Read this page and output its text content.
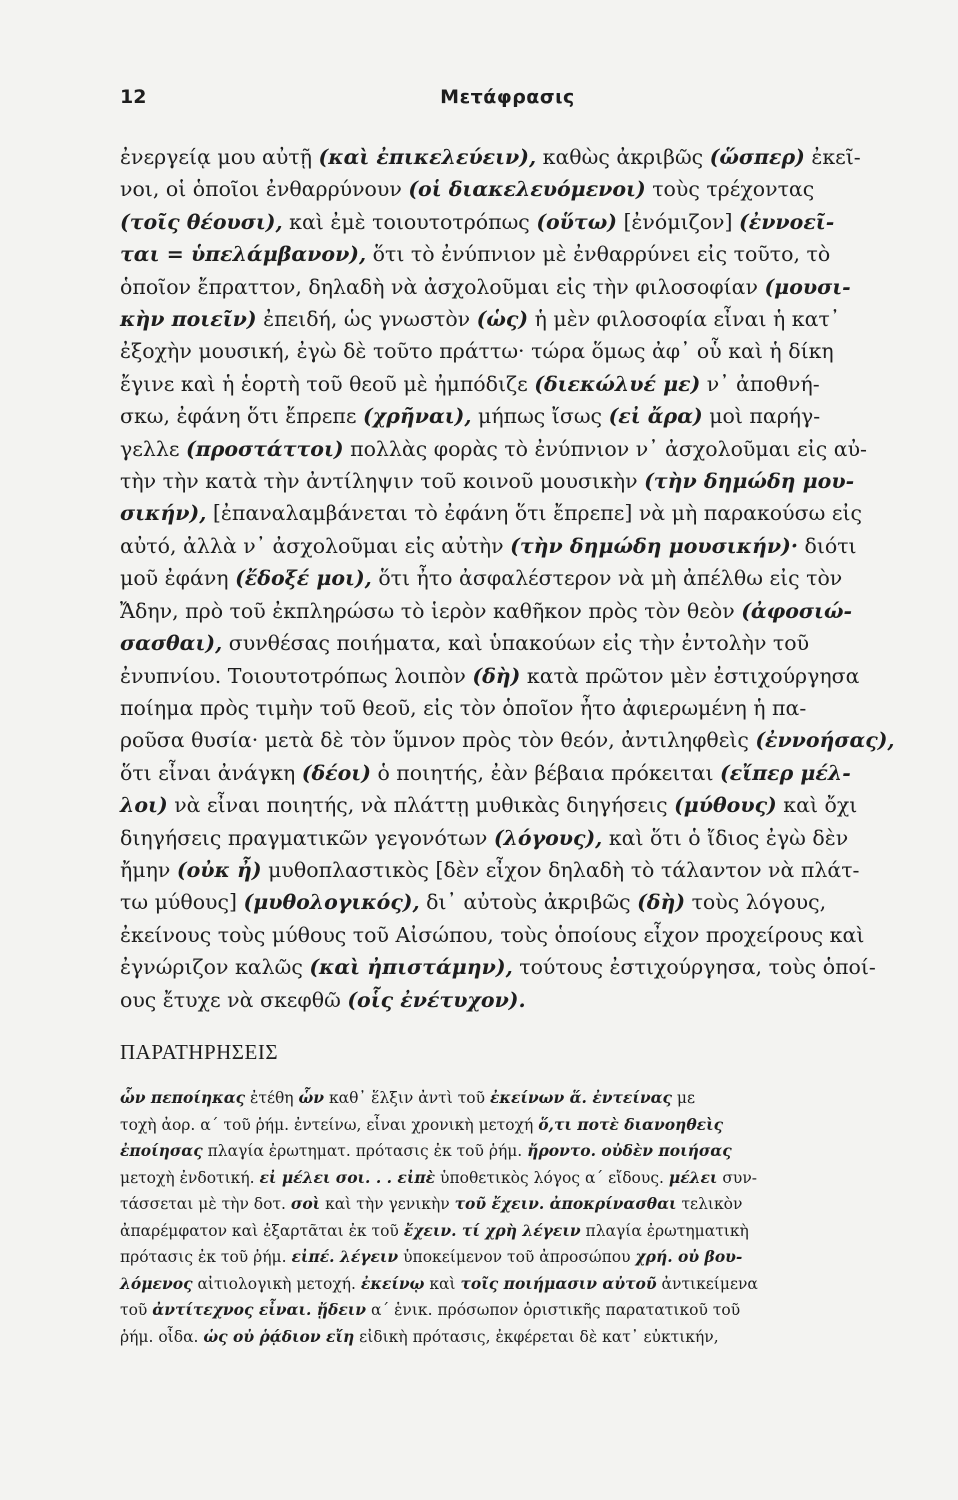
12	Μετάφρασις
ἐνεργείᾳ μου αὐτῇ (καὶ ἐπικελεύειν), καθὼς ἀκριβῶς (ὥσπερ) ἐκεῖ-
νοι, οἱ ὁποῖοι ἐνθαρρύνουν (οἱ διακελευόμενοι) τοὺς τρέχοντας
(τοῖς θέουσι), καὶ ἐμὲ τοιουτοτρόπως (οὕτω) [ἐνόμιζον] (ἐννοεῖ-
ται = ὑπελάμβανον), ὅτι τὸ ἐνύπνιον μὲ ἐνθαρρύνει εἰς τοῦτο, τὸ
ὁποῖον ἔπραττον, δηλαδὴ νὰ ἀσχολοῦμαι εἰς τὴν φιλοσοφίαν (μουσι-
κὴν ποιεῖν) ἐπειδή, ὡς γνωστὸν (ὡς) ἡ μὲν φιλοσοφία εἶναι ἡ κατ᾽
ἐξοχὴν μουσική, ἐγὼ δὲ τοῦτο πράττω· τώρα ὅμως ἀφ᾽ οὗ καὶ ἡ δίκη
ἔγινε καὶ ἡ ἑορτὴ τοῦ θεοῦ μὲ ἠμπόδιζε (διεκώλυέ με) ν᾽ ἀποθνή-
σκω, ἐφάνη ὅτι ἔπρεπε (χρῆναι), μήπως ἴσως (εἰ ἄρα) μοὶ παρήγ-
γελλε (προστάττοι) πολλὰς φορὰς τὸ ἐνύπνιον ν᾽ ἀσχολοῦμαι εἰς αὐ-
τὴν τὴν κατὰ τὴν ἀντίληψιν τοῦ κοινοῦ μουσικὴν (τὴν δημώδη μου-
σικήν), [ἐπαναλαμβάνεται τὸ ἐφάνη ὅτι ἔπρεπε] νὰ μὴ παρακούσω εἰς
αὐτό, ἀλλὰ ν᾽ ἀσχολοῦμαι εἰς αὐτὴν (τὴν δημώδη μουσικήν)· διότι
μοῦ ἐφάνη (ἔδοξέ μοι), ὅτι ἦτο ἀσφαλέστερον νὰ μὴ ἀπέλθω εἰς τὸν
Ἄδην, πρὸ τοῦ ἐκπληρώσω τὸ ἱερὸν καθῆκον πρὸς τὸν θεὸν (ἀφοσιώ-
σασθαι), συνθέσας ποιήματα, καὶ ὑπακούων εἰς τὴν ἐντολὴν τοῦ
ἐνυπνίου. Τοιουτοτρόπως λοιπὸν (δὴ) κατὰ πρῶτον μὲν ἐστιχούργησα
ποίημα πρὸς τιμὴν τοῦ θεοῦ, εἰς τὸν ὁποῖον ἦτο ἀφιερωμένη ἡ πα-
ροῦσα θυσία· μετὰ δὲ τὸν ὕμνον πρὸς τὸν θεόν, ἀντιληφθεὶς (ἐννοήσας),
ὅτι εἶναι ἀνάγκη (δέοι) ὁ ποιητής, ἐὰν βέβαια πρόκειται (εἴπερ μέλ-
λοι) νὰ εἶναι ποιητής, νὰ πλάττῃ μυθικὰς διηγήσεις (μύθους) καὶ ὄχι
διηγήσεις πραγματικῶν γεγονότων (λόγους), καὶ ὅτι ὁ ἴδιος ἐγὼ δὲν
ἤμην (οὐκ ἦ) μυθοπλαστικὸς [δὲν εἶχον δηλαδὴ τὸ τάλαντον νὰ πλάτ-
τω μύθους] (μυθολογικός), δι᾽ αὐτοὺς ἀκριβῶς (δὴ) τοὺς λόγους,
ἐκείνους τοὺς μύθους τοῦ Αἰσώπου, τοὺς ὁποίους εἶχον προχείρους καὶ
ἐγνώριζον καλῶς (καὶ ἠπιστάμην), τούτους ἐστιχούργησα, τοὺς ὁποί-
ους ἔτυχε νὰ σκεφθῶ (οἷς ἐνέτυχον).
ΠΑΡΑΤΗΡΗΣΕΙΣ
ὧν πεποίηκας ἐτέθη ὧν καθ᾽ ἕλξιν ἀντὶ τοῦ ἐκείνων ἅ. ἐντείνας με
τοχὴ ἀορ. α´ τοῦ ῥήμ. ἐντείνω, εἶναι χρονικὴ μετοχή ὅ,τι ποτὲ διανοηθεὶς
ἐποίησας πλαγία ἐρωτηματ. πρότασις ἐκ τοῦ ῥήμ. ἤροντο. οὐδὲν ποιήσας
μετοχὴ ἐνδοτική. εἰ μέλει σοι. . . εἰπὲ ὑποθετικὸς λόγος α´ εἴδους. μέλει συν-
τάσσεται μὲ τὴν δοτ. σοὶ καὶ τὴν γενικὴν τοῦ ἔχειν. ἀποκρίνασθαι τελικὸν
ἀπαρέμφατον καὶ ἐξαρτᾶται ἐκ τοῦ ἔχειν. τί χρὴ λέγειν πλαγία ἐρωτηματικὴ
πρότασις ἐκ τοῦ ῥήμ. εἰπέ. λέγειν ὑποκείμενον τοῦ ἀπροσώπου χρή. οὐ βου-
λόμενος αἰτιολογικὴ μετοχή. ἐκείνῳ καὶ τοῖς ποιήμασιν αὐτοῦ ἀντικείμενα
τοῦ ἀντίτεχνος εἶναι. ᾔδειν α´ ἑνικ. πρόσωπον ὁριστικῆς παρατατικοῦ τοῦ
ῥήμ. οἶδα. ὡς οὐ ῥᾴδιον εἴη εἰδικὴ πρότασις, ἐκφέρεται δὲ κατ᾽ εὐκτικήν,
